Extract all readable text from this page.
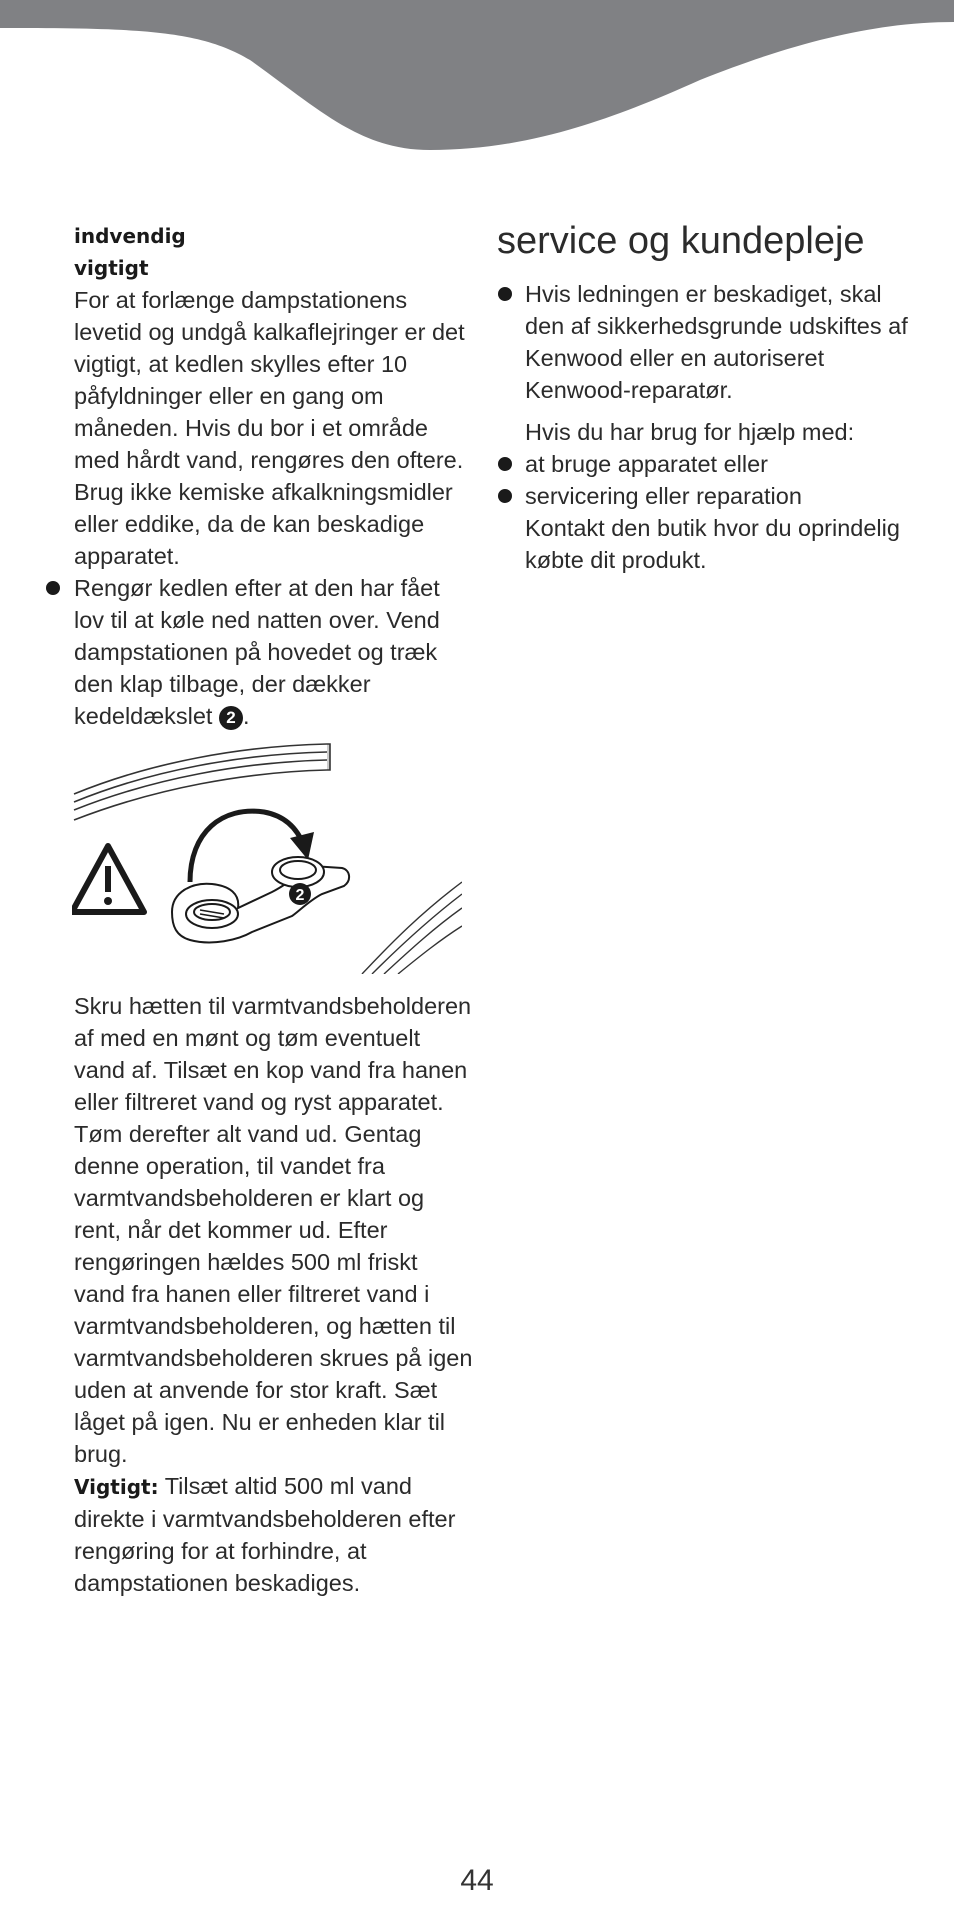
indvendig
vigtigt

For at forlænge dampstationens levetid og undgå kalkaflejringer er det vigtigt, at kedlen skylles efter 10 påfyldninger eller en gang om måneden. Hvis du bor i et område med hårdt vand, rengøres den oftere. Brug ikke kemiske afkalkningsmidler eller eddike, da de kan beskadige apparatet.

Rengør kedlen efter at den har fået lov til at køle ned natten over. Vend dampstationen på hovedet og træk den klap tilbage, der dækker kedeldækslet 2 .
2

Skru hætten til varmtvandsbeholderen af med en mønt og tøm eventuelt vand af. Tilsæt en kop vand fra hanen eller filtreret vand og ryst apparatet. Tøm derefter alt vand ud. Gentag denne operation, til vandet fra varmtvandsbeholderen er klart og rent, når det kommer ud. Efter rengøringen hældes 500 ml friskt vand fra hanen eller filtreret vand i varmtvandsbeholderen, og hætten til varmtvandsbeholderen skrues på igen uden at anvende for stor kraft. Sæt låget på igen. Nu er enheden klar til brug.

Vigtigt: Tilsæt altid 500 ml vand direkte i varmtvandsbeholderen efter rengøring for at forhindre, at dampstationen beskadiges.

service og kundepleje
Hvis ledningen er beskadiget, skal den af sikkerhedsgrunde udskiftes af Kenwood eller en autoriseret Kenwood-reparatør.
Hvis du har brug for hjælp med:
at bruge apparatet eller
servicering eller reparation
Kontakt den butik hvor du oprindelig købte dit produkt.
44
